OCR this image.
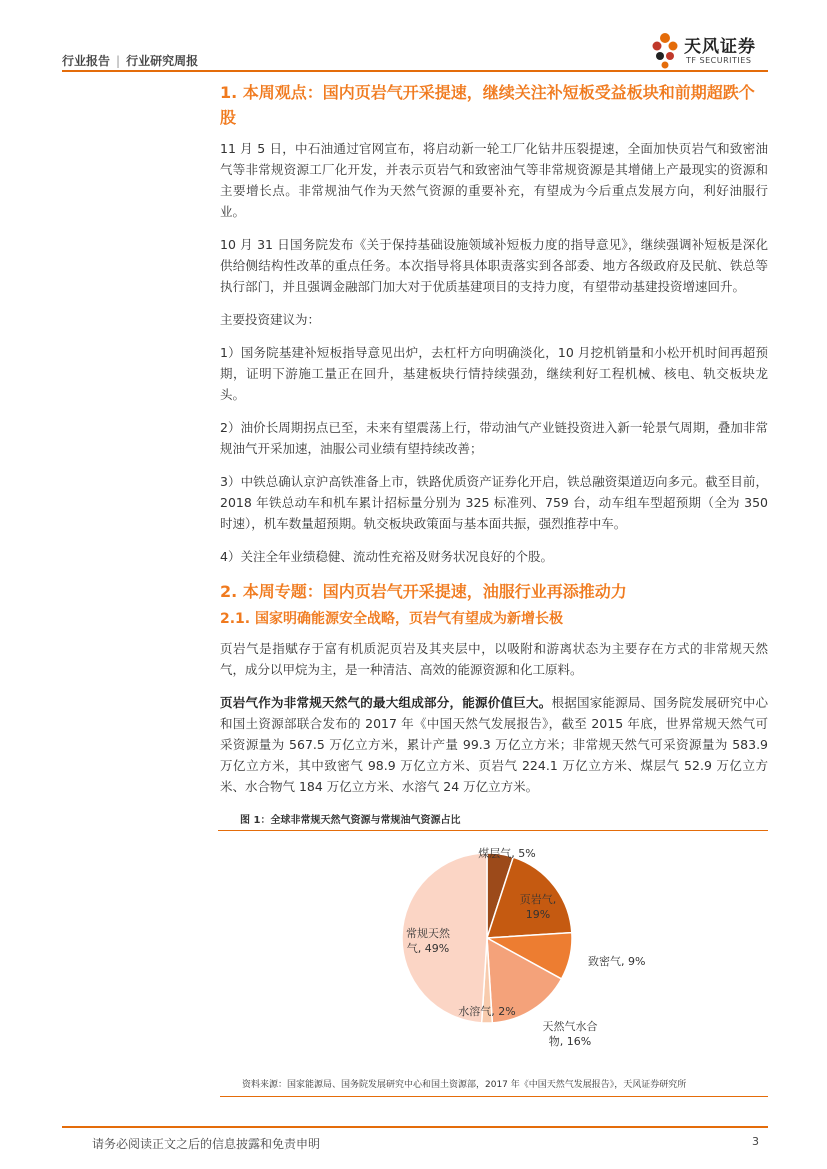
行业报告 | 行业研究周报
天风证券
TF SECURITIES
1. 本周观点：国内页岩气开采提速，继续关注补短板受益板块和前期超跌个股

11 月 5 日，中石油通过官网宣布，将启动新一轮工厂化钻井压裂提速，全面加快页岩气和致密油气等非常规资源工厂化开发，并表示页岩气和致密油气等非常规资源是其增储上产最现实的资源和主要增长点。非常规油气作为天然气资源的重要补充，有望成为今后重点发展方向，利好油服行业。

10 月 31 日国务院发布《关于保持基础设施领域补短板力度的指导意见》，继续强调补短板是深化供给侧结构性改革的重点任务。本次指导将具体职责落实到各部委、地方各级政府及民航、铁总等执行部门，并且强调金融部门加大对于优质基建项目的支持力度，有望带动基建投资增速回升。

主要投资建议为：

1）国务院基建补短板指导意见出炉，去杠杆方向明确淡化，10 月挖机销量和小松开机时间再超预期，证明下游施工量正在回升，基建板块行情持续强劲，继续利好工程机械、核电、轨交板块龙头。

2）油价长周期拐点已至，未来有望震荡上行，带动油气产业链投资进入新一轮景气周期，叠加非常规油气开采加速，油服公司业绩有望持续改善；

3）中铁总确认京沪高铁准备上市，铁路优质资产证券化开启，铁总融资渠道迈向多元。截至目前，2018 年铁总动车和机车累计招标量分别为 325 标准列、759 台，动车组车型超预期（全为 350 时速），机车数量超预期。轨交板块政策面与基本面共振，强烈推荐中车。

4）关注全年业绩稳健、流动性充裕及财务状况良好的个股。

2. 本周专题：国内页岩气开采提速，油服行业再添推动力
2.1. 国家明确能源安全战略，页岩气有望成为新增长极

页岩气是指赋存于富有机质泥页岩及其夹层中，以吸附和游离状态为主要存在方式的非常规天然气，成分以甲烷为主，是一种清洁、高效的能源资源和化工原料。

页岩气作为非常规天然气的最大组成部分，能源价值巨大。根据国家能源局、国务院发展研究中心和国土资源部联合发布的 2017 年《中国天然气发展报告》，截至 2015 年底，世界常规天然气可采资源量为 567.5 万亿立方米，累计产量 99.3 万亿立方米；非常规天然气可采资源量为 583.9 万亿立方米，其中致密气 98.9 万亿立方米、页岩气 224.1 万亿立方米、煤层气 52.9 万亿立方米、水合物气 184 万亿立方米、水溶气 24 万亿立方米。

图 1：全球非常规天然气资源与常规油气资源占比
煤层气, 5%
页岩气, 19%
致密气, 9%
天然气水合物, 16%
水溶气, 2%
常规天然气, 49%
资料来源：国家能源局、国务院发展研究中心和国土资源部，2017 年《中国天然气发展报告》，天风证券研究所
请务必阅读正文之后的信息披露和免责申明	3
